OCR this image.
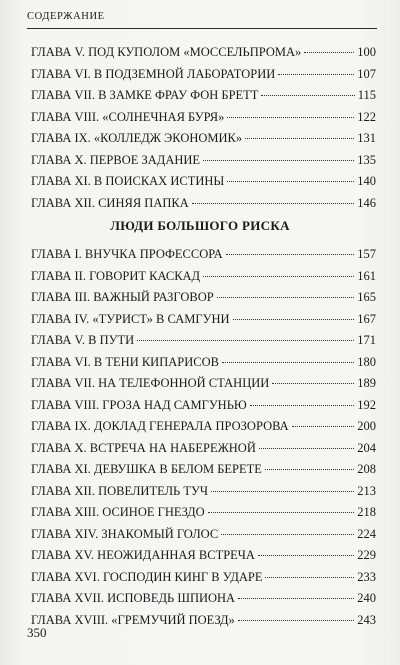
СОДЕРЖАНИЕ
ГЛАВА V. ПОД КУПОЛОМ «МОССЕЛЬПРОМА»	100
ГЛАВА VI. В ПОДЗЕМНОЙ ЛАБОРАТОРИИ	107
ГЛАВА VII. В ЗАМКЕ ФРАУ ФОН БРЕТТ	115
ГЛАВА VIII. «СОЛНЕЧНАЯ БУРЯ»	122
ГЛАВА IX. «КОЛЛЕДЖ ЭКОНОМИК»	131
ГЛАВА X. ПЕРВОЕ ЗАДАНИЕ	135
ГЛАВА XI. В ПОИСКАХ ИСТИНЫ	140
ГЛАВА XII. СИНЯЯ ПАПКА	146
ЛЮДИ БОЛЬШОГО РИСКА
ГЛАВА I. ВНУЧКА ПРОФЕССОРА	157
ГЛАВА II. ГОВОРИТ КАСКАД	161
ГЛАВА III. ВАЖНЫЙ РАЗГОВОР	165
ГЛАВА IV. «ТУРИСТ» В САМГУНИ	167
ГЛАВА V. В ПУТИ	171
ГЛАВА VI. В ТЕНИ КИПАРИСОВ	180
ГЛАВА VII. НА ТЕЛЕФОННОЙ СТАНЦИИ	189
ГЛАВА VIII. ГРОЗА НАД САМГУНЬЮ	192
ГЛАВА IX. ДОКЛАД ГЕНЕРАЛА ПРОЗОРОВА	200
ГЛАВА X. ВСТРЕЧА НА НАБЕРЕЖНОЙ	204
ГЛАВА XI. ДЕВУШКА В БЕЛОМ БЕРЕТЕ	208
ГЛАВА XII. ПОВЕЛИТЕЛЬ ТУЧ	213
ГЛАВА XIII. ОСИНОЕ ГНЕЗДО	218
ГЛАВА XIV. ЗНАКОМЫЙ ГОЛОС	224
ГЛАВА XV. НЕОЖИДАННАЯ ВСТРЕЧА	229
ГЛАВА XVI. ГОСПОДИН КИНГ В УДАРЕ	233
ГЛАВА XVII. ИСПОВЕДЬ ШПИОНА	240
ГЛАВА XVIII. «ГРЕМУЧИЙ ПОЕЗД»	243
350
